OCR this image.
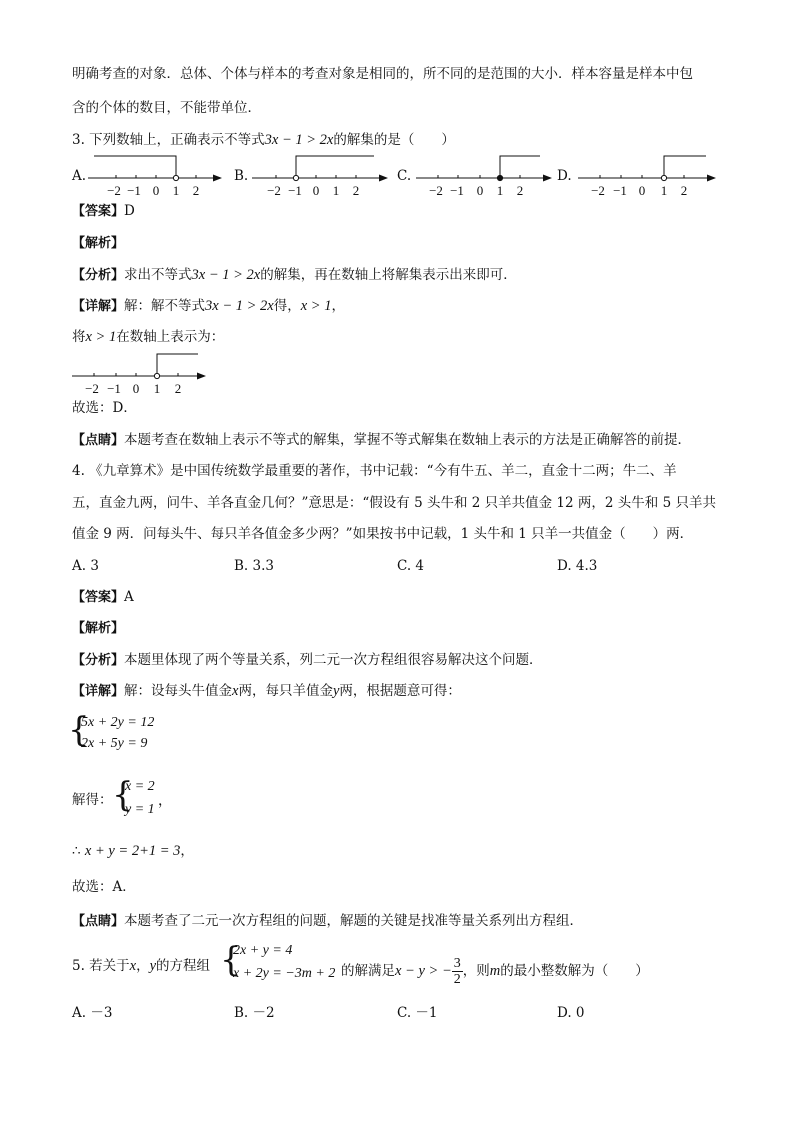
明确考查的对象．总体、个体与样本的考查对象是相同的，所不同的是范围的大小．样本容量是样本中包
含的个体的数目，不能带单位．
3. 下列数轴上，正确表示不等式3x − 1 > 2x的解集的是（　　）
A.
−2 −1 0 1 2
B.
−2 −1 0 1 2
C.
−2 −1 0 1 2
D.
−2 −1 0 1 2
【答案】D
【解析】
【分析】求出不等式3x − 1 > 2x的解集，再在数轴上将解集表示出来即可．
【详解】解：解不等式3x − 1 > 2x得，x > 1，
将x > 1在数轴上表示为：
−2 −1 0 1 2
故选：D．
【点睛】本题考查在数轴上表示不等式的解集，掌握不等式解集在数轴上表示的方法是正确解答的前提．
4. 《九章算术》是中国传统数学最重要的著作，书中记载：“今有牛五、羊二，直金十二两；牛二、羊
五，直金九两，问牛、羊各直金几何？”意思是：“假设有 5 头牛和 2 只羊共值金 12 两，2 头牛和 5 只羊共
值金 9 两．问每头牛、每只羊各值金多少两？”如果按书中记载，1 头牛和 1 只羊一共值金（　　）两．
A. 3	B. 3.3	C. 4	D. 4.3
【答案】A
【解析】
【分析】本题里体现了两个等量关系，列二元一次方程组很容易解决这个问题．
【详解】解：设每头牛值金x两，每只羊值金y两，根据题意可得：
{
5x + 2y = 12
2x + 5y = 9
解得： {
x = 2
y = 1
，
∴ x + y = 2+1 = 3，
故选：A．
【点睛】本题考查了二元一次方程组的问题，解题的关键是找准等量关系列出方程组．
5. 若关于x，y的方程组 {
2x + y = 4
x + 2y = −3m + 2 的解满足x − y > − $\frac{3}{2}$ ，则m的最小整数解为（　　）
A. －3	B. －2	C. －1	D. 0
